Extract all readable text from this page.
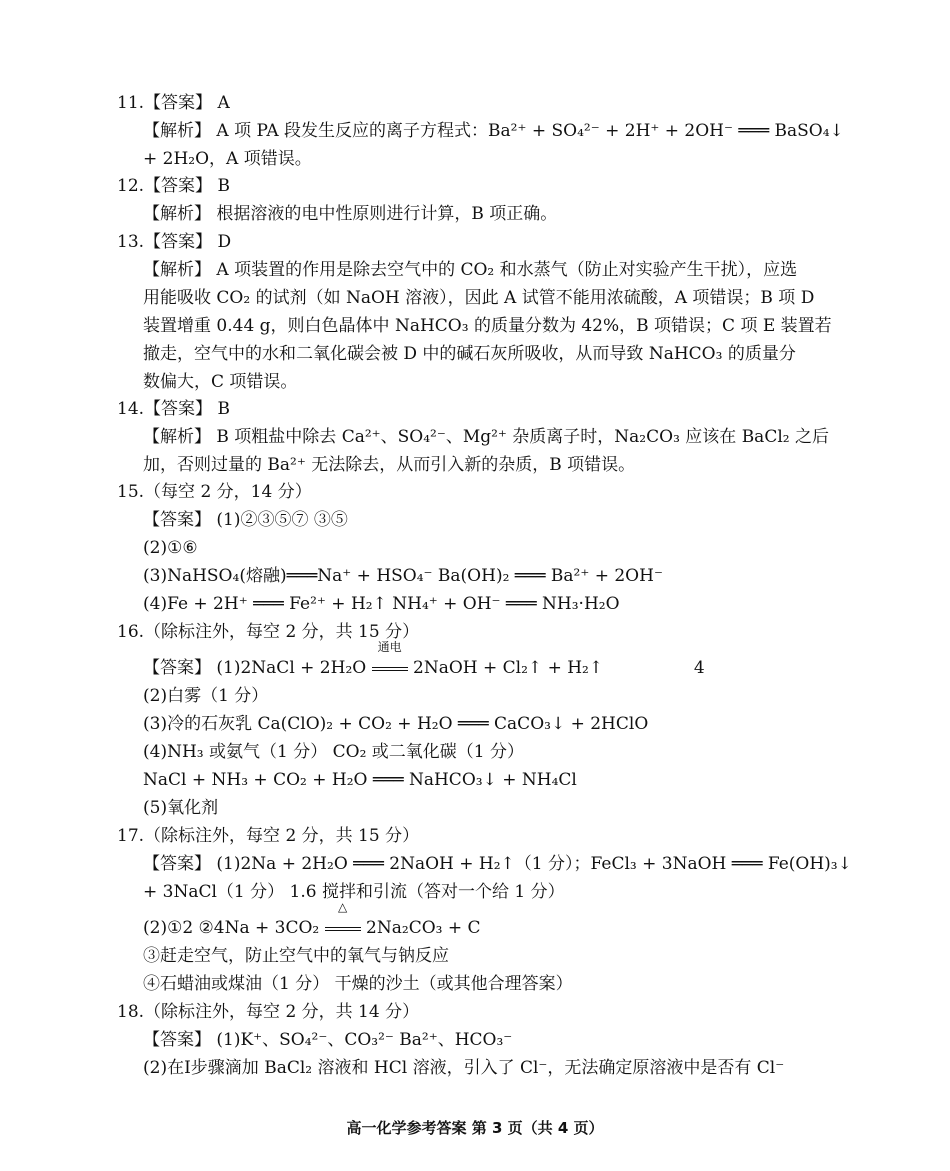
11.【答案】 A
【解析】 A 项 PA 段发生反应的离子方程式：Ba²⁺ + SO₄²⁻ + 2H⁺ + 2OH⁻ ═══ BaSO₄↓
+ 2H₂O，A 项错误。
12.【答案】 B
【解析】 根据溶液的电中性原则进行计算，B 项正确。
13.【答案】 D
【解析】 A 项装置的作用是除去空气中的 CO₂ 和水蒸气（防止对实验产生干扰），应选
用能吸收 CO₂ 的试剂（如 NaOH 溶液），因此 A 试管不能用浓硫酸，A 项错误；B 项 D
装置增重 0.44 g，则白色晶体中 NaHCO₃ 的质量分数为 42%，B 项错误；C 项 E 装置若
撤走，空气中的水和二氧化碳会被 D 中的碱石灰所吸收，从而导致 NaHCO₃ 的质量分
数偏大，C 项错误。
14.【答案】 B
【解析】 B 项粗盐中除去 Ca²⁺、SO₄²⁻、Mg²⁺ 杂质离子时，Na₂CO₃ 应该在 BaCl₂ 之后
加，否则过量的 Ba²⁺ 无法除去，从而引入新的杂质，B 项错误。
15.（每空 2 分，14 分）
【答案】 (1)②③⑤⑦ ③⑤
(2)①⑥
(3)NaHSO₄(熔融)═══Na⁺ + HSO₄⁻ Ba(OH)₂ ═══ Ba²⁺ + 2OH⁻
(4)Fe + 2H⁺ ═══ Fe²⁺ + H₂↑ NH₄⁺ + OH⁻ ═══ NH₃·H₂O
16.（除标注外，每空 2 分，共 15 分）
(2)白雾（1 分）
(3)冷的石灰乳 Ca(ClO)₂ + CO₂ + H₂O ═══ CaCO₃↓ + 2HClO
(4)NH₃ 或氨气（1 分） CO₂ 或二氧化碳（1 分）
NaCl + NH₃ + CO₂ + H₂O ═══ NaHCO₃↓ + NH₄Cl
(5)氧化剂
17.（除标注外，每空 2 分，共 15 分）
【答案】 (1)2Na + 2H₂O ═══ 2NaOH + H₂↑（1 分）；FeCl₃ + 3NaOH ═══ Fe(OH)₃↓
+ 3NaCl（1 分） 1.6 搅拌和引流（答对一个给 1 分）
③赶走空气，防止空气中的氧气与钠反应
④石蜡油或煤油（1 分） 干燥的沙土（或其他合理答案）
18.（除标注外，每空 2 分，共 14 分）
【答案】 (1)K⁺、SO₄²⁻、CO₃²⁻ Ba²⁺、HCO₃⁻
(2)在Ⅰ步骤滴加 BaCl₂ 溶液和 HCl 溶液，引入了 Cl⁻，无法确定原溶液中是否有 Cl⁻
【答案】 (1)2NaCl + 2H₂O
通电
2NaOH + Cl₂↑ + H₂↑	4
(2)①2 ②4Na + 3CO₂
△
2Na₂CO₃ + C
高一化学参考答案 第 3 页（共 4 页）
